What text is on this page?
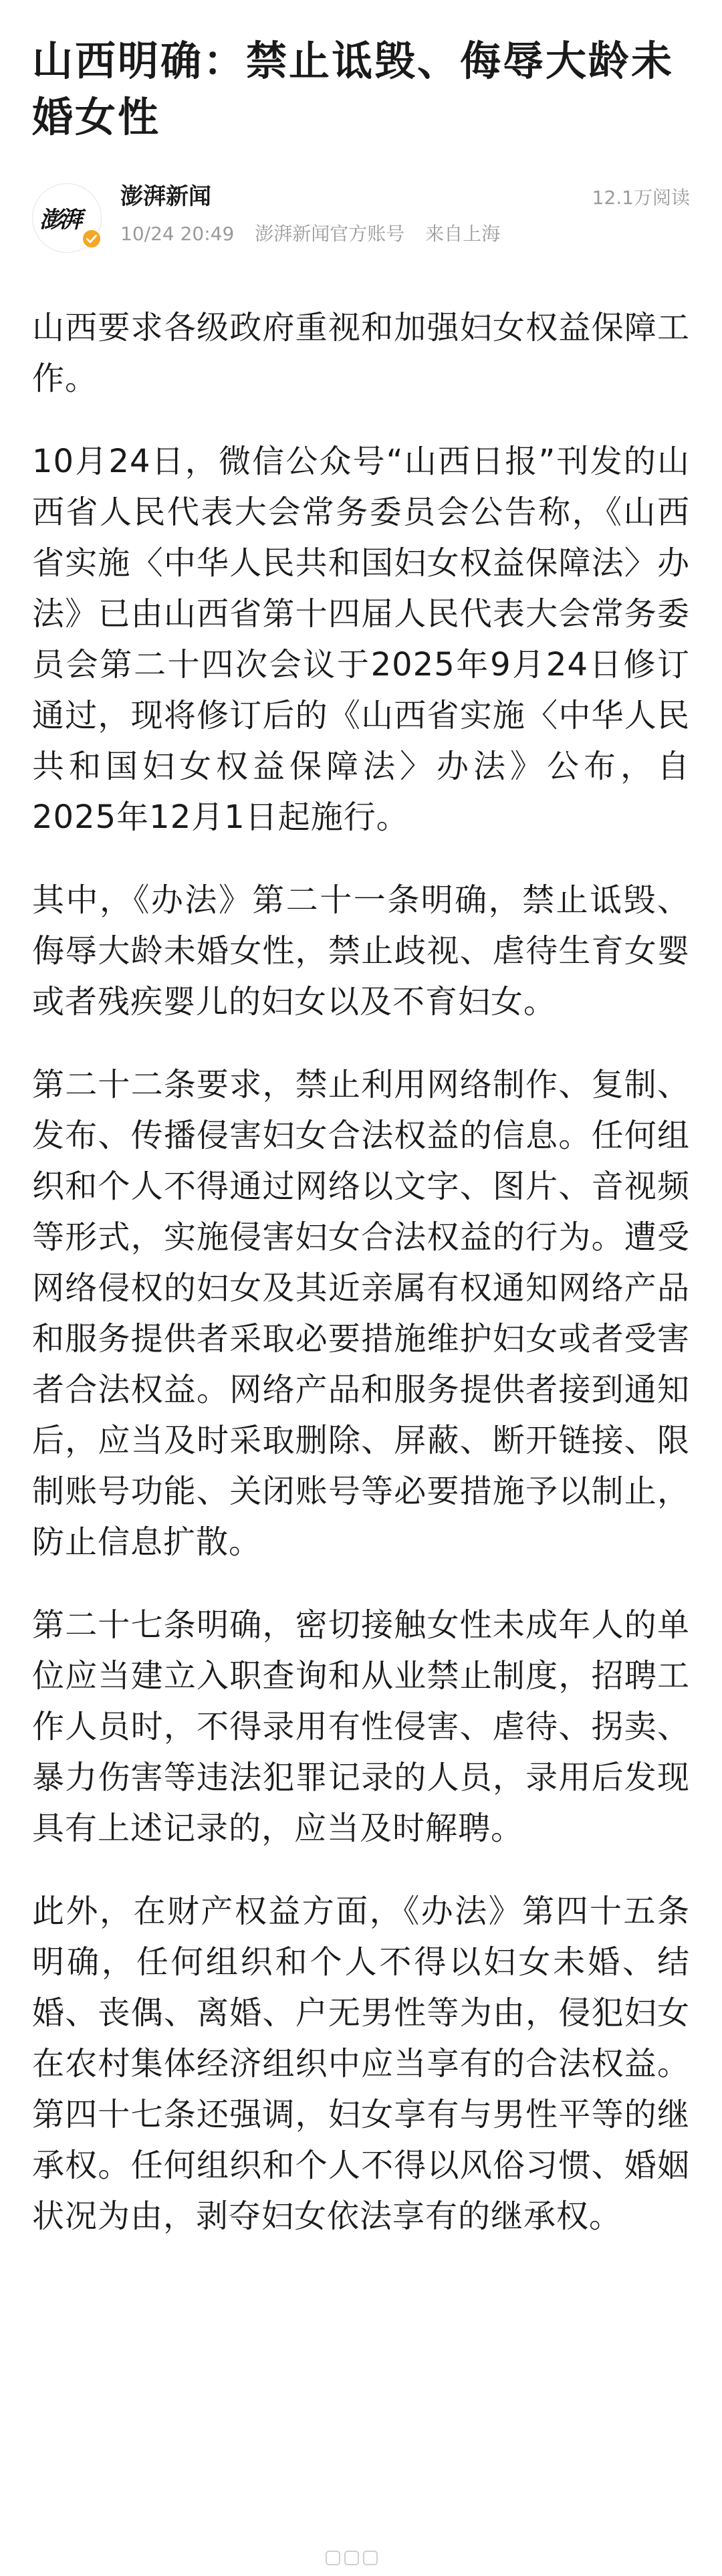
山西明确：禁止诋毁、侮辱大龄未婚女性
澎湃
澎湃新闻
10/24 20:49 澎湃新闻官方账号 来自上海
12.1万阅读

山西要求各级政府重视和加强妇女权益保障工作。

10月24日，微信公众号“山西日报”刊发的山西省人民代表大会常务委员会公告称，《山西省实施〈中华人民共和国妇女权益保障法〉办法》已由山西省第十四届人民代表大会常务委员会第二十四次会议于2025年9月24日修订通过，现将修订后的《山西省实施〈中华人民共和国妇女权益保障法〉办法》公布，自2025年12月1日起施行。

其中，《办法》第二十一条明确，禁止诋毁、侮辱大龄未婚女性，禁止歧视、虐待生育女婴或者残疾婴儿的妇女以及不育妇女。

第二十二条要求，禁止利用网络制作、复制、发布、传播侵害妇女合法权益的信息。任何组织和个人不得通过网络以文字、图片、音视频等形式，实施侵害妇女合法权益的行为。遭受网络侵权的妇女及其近亲属有权通知网络产品和服务提供者采取必要措施维护妇女或者受害者合法权益。网络产品和服务提供者接到通知后，应当及时采取删除、屏蔽、断开链接、限制账号功能、关闭账号等必要措施予以制止，防止信息扩散。

第二十七条明确，密切接触女性未成年人的单位应当建立入职查询和从业禁止制度，招聘工作人员时，不得录用有性侵害、虐待、拐卖、暴力伤害等违法犯罪记录的人员，录用后发现具有上述记录的，应当及时解聘。

此外，在财产权益方面，《办法》第四十五条明确，任何组织和个人不得以妇女未婚、结婚、丧偶、离婚、户无男性等为由，侵犯妇女在农村集体经济组织中应当享有的合法权益。第四十七条还强调，妇女享有与男性平等的继承权。任何组织和个人不得以风俗习惯、婚姻状况为由，剥夺妇女依法享有的继承权。
